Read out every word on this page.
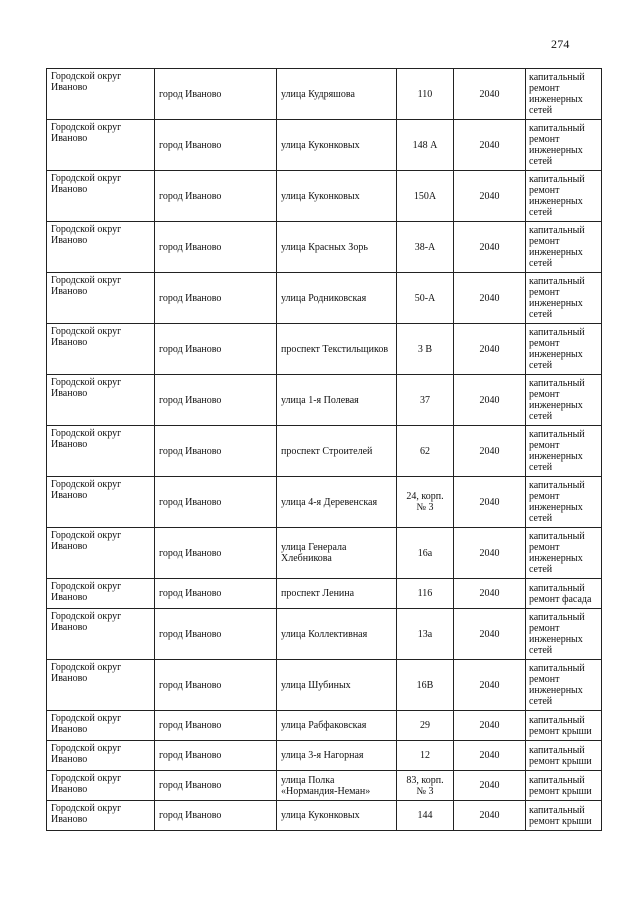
274
Городской округ Иваново	город Иваново	улица Кудряшова	110	2040	капитальный ремонт инженерных сетей
Городской округ Иваново	город Иваново	улица Куконковых	148 А	2040	капитальный ремонт инженерных сетей
Городской округ Иваново	город Иваново	улица Куконковых	150А	2040	капитальный ремонт инженерных сетей
Городской округ Иваново	город Иваново	улица Красных Зорь	38-А	2040	капитальный ремонт инженерных сетей
Городской округ Иваново	город Иваново	улица Родниковская	50-А	2040	капитальный ремонт инженерных сетей
Городской округ Иваново	город Иваново	проспект Текстильщиков	3 В	2040	капитальный ремонт инженерных сетей
Городской округ Иваново	город Иваново	улица 1-я Полевая	37	2040	капитальный ремонт инженерных сетей
Городской округ Иваново	город Иваново	проспект Строителей	62	2040	капитальный ремонт инженерных сетей
Городской округ Иваново	город Иваново	улица 4-я Деревенская	24, корп. № 3	2040	капитальный ремонт инженерных сетей
Городской округ Иваново	город Иваново	улица Генерала Хлебникова	16а	2040	капитальный ремонт инженерных сетей
Городской округ Иваново	город Иваново	проспект Ленина	116	2040	капитальный ремонт фасада
Городской округ Иваново	город Иваново	улица Коллективная	13а	2040	капитальный ремонт инженерных сетей
Городской округ Иваново	город Иваново	улица Шубиных	16В	2040	капитальный ремонт инженерных сетей
Городской округ Иваново	город Иваново	улица Рабфаковская	29	2040	капитальный ремонт крыши
Городской округ Иваново	город Иваново	улица 3-я Нагорная	12	2040	капитальный ремонт крыши
Городской округ Иваново	город Иваново	улица Полка «Нормандия-Неман»	83, корп. № 3	2040	капитальный ремонт крыши
Городской округ Иваново	город Иваново	улица Куконковых	144	2040	капитальный ремонт крыши
